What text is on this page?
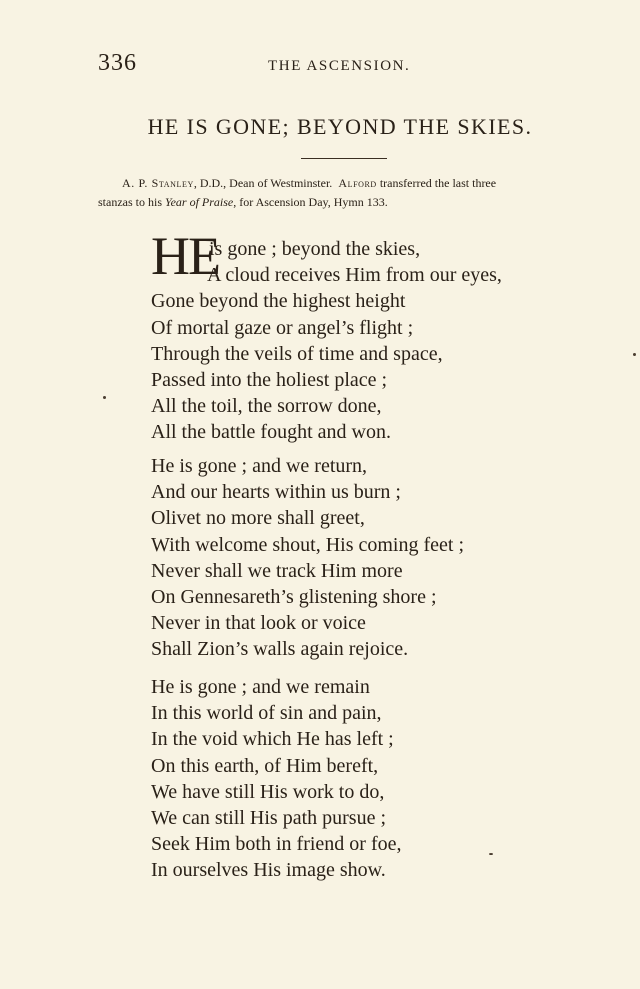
336	THE ASCENSION.
HE IS GONE; BEYOND THE SKIES.
A. P. Stanley, D.D., Dean of Westminster. Alford transferred the last three
stanzas to his Year of Praise, for Ascension Day, Hymn 133.
HE
is gone ; beyond the skies,
A cloud receives Him from our eyes,
Gone beyond the highest height
Of mortal gaze or angel’s flight ;
Through the veils of time and space,
Passed into the holiest place ;
All the toil, the sorrow done,
All the battle fought and won.
He is gone ; and we return,
And our hearts within us burn ;
Olivet no more shall greet,
With welcome shout, His coming feet ;
Never shall we track Him more
On Gennesareth’s glistening shore ;
Never in that look or voice
Shall Zion’s walls again rejoice.
He is gone ; and we remain
In this world of sin and pain,
In the void which He has left ;
On this earth, of Him bereft,
We have still His work to do,
We can still His path pursue ;
Seek Him both in friend or foe,
In ourselves His image show.
